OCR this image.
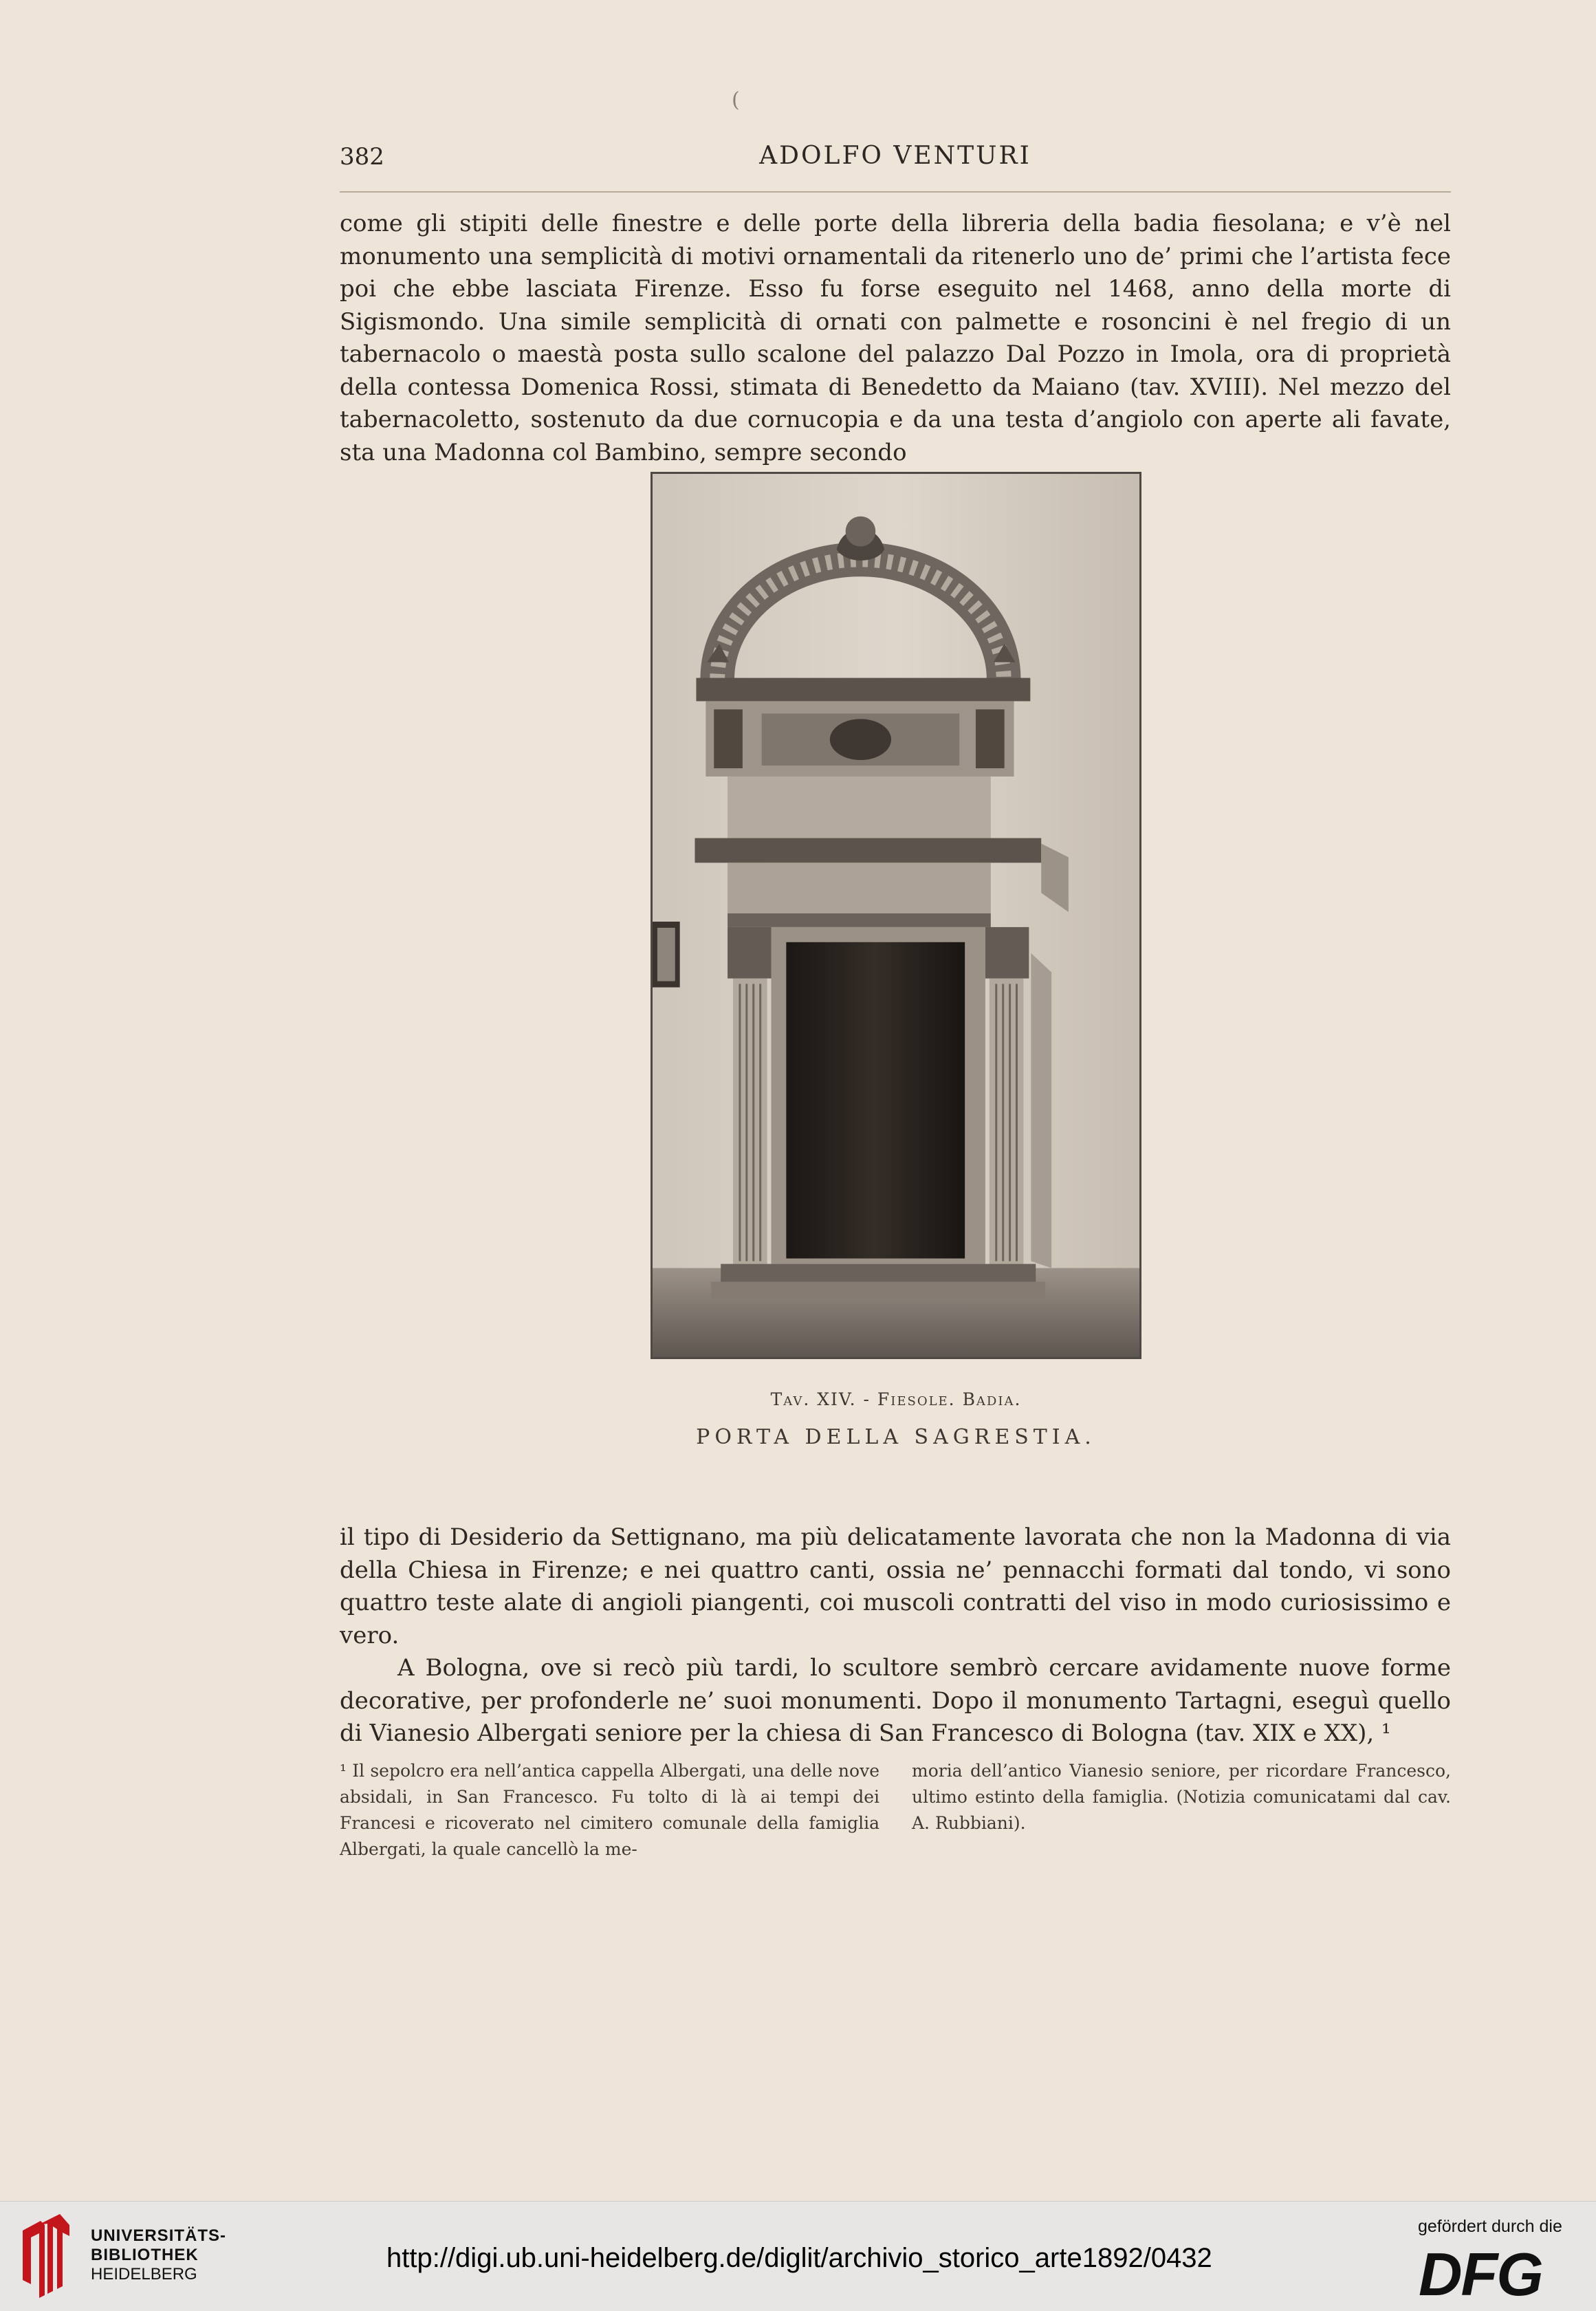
(
382	ADOLFO VENTURI

come gli stipiti delle finestre e delle porte della libreria della badia fiesolana; e v’è nel monumento una semplicità di motivi ornamentali da ritenerlo uno de’ primi che l’artista fece poi che ebbe lasciata Firenze. Esso fu forse eseguito nel 1468, anno della morte di Sigismondo. Una simile semplicità di ornati con palmette e rosoncini è nel fregio di un tabernacolo o maestà posta sullo scalone del palazzo Dal Pozzo in Imola, ora di proprietà della contessa Domenica Rossi, stimata di Benedetto da Maiano (tav. XVIII). Nel mezzo del tabernacoletto, sostenuto da due cornucopia e da una testa d’angiolo con aperte ali favate, sta una Madonna col Bambino, sempre secondo

Tav. XIV. - Fiesole. Badia.
PORTA DELLA SAGRESTIA.

il tipo di Desiderio da Settignano, ma più delicatamente lavorata che non la Madonna di via della Chiesa in Firenze; e nei quattro canti, ossia ne’ pennacchi formati dal tondo, vi sono quattro teste alate di angioli piangenti, coi muscoli contratti del viso in modo curiosissimo e vero.

A Bologna, ove si recò più tardi, lo scultore sembrò cercare avidamente nuove forme decorative, per profonderle ne’ suoi monumenti. Dopo il monumento Tartagni, eseguì quello di Vianesio Albergati seniore per la chiesa di San Francesco di Bologna (tav. XIX e XX), ¹

¹ Il sepolcro era nell’antica cappella Albergati, una delle nove absidali, in San Francesco. Fu tolto di là ai tempi dei Francesi e ricoverato nel cimitero comunale della famiglia Albergati, la quale cancellò la me-
moria dell’antico Vianesio seniore, per ricordare Francesco, ultimo estinto della famiglia. (Notizia comunicatami dal cav. A. Rubbiani).
UNIVERSITÄTS-
BIBLIOTHEK
HEIDELBERG
http://digi.ub.uni-heidelberg.de/diglit/archivio_storico_arte1892/0432
gefördert durch die
DFG
